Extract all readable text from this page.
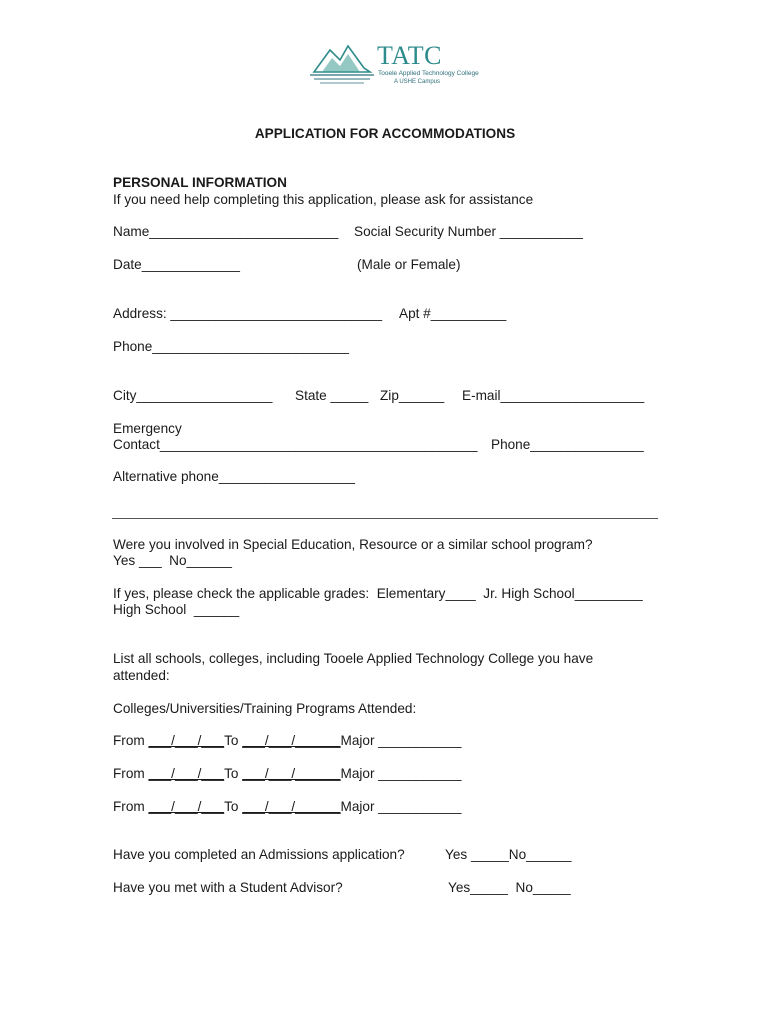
TATC
Tooele Applied Technology College
A USHE Campus
APPLICATION FOR ACCOMMODATIONS
PERSONAL INFORMATION
If you need help completing this application, please ask for assistance
Name_________________________ Social Security Number ___________
Date_____________	(Male or Female)
Address: ____________________________ Apt #__________
Phone__________________________
City__________________ State _____ Zip______ E-mail___________________
Emergency
Contact__________________________________________ Phone_______________
Alternative phone__________________
Were you involved in Special Education, Resource or a similar school program?
Yes ___  No______
If yes, please check the applicable grades:  Elementary____  Jr. High School_________
High School  ______
List all schools, colleges, including Tooele Applied Technology College you have
attended:
Colleges/Universities/Training Programs Attended:
From ___/___/___To ___/___/______Major ___________
From ___/___/___To ___/___/______Major ___________
From ___/___/___To ___/___/______Major ___________
Have you completed an Admissions application?	Yes _____No______
Have you met with a Student Advisor?	Yes_____  No_____
